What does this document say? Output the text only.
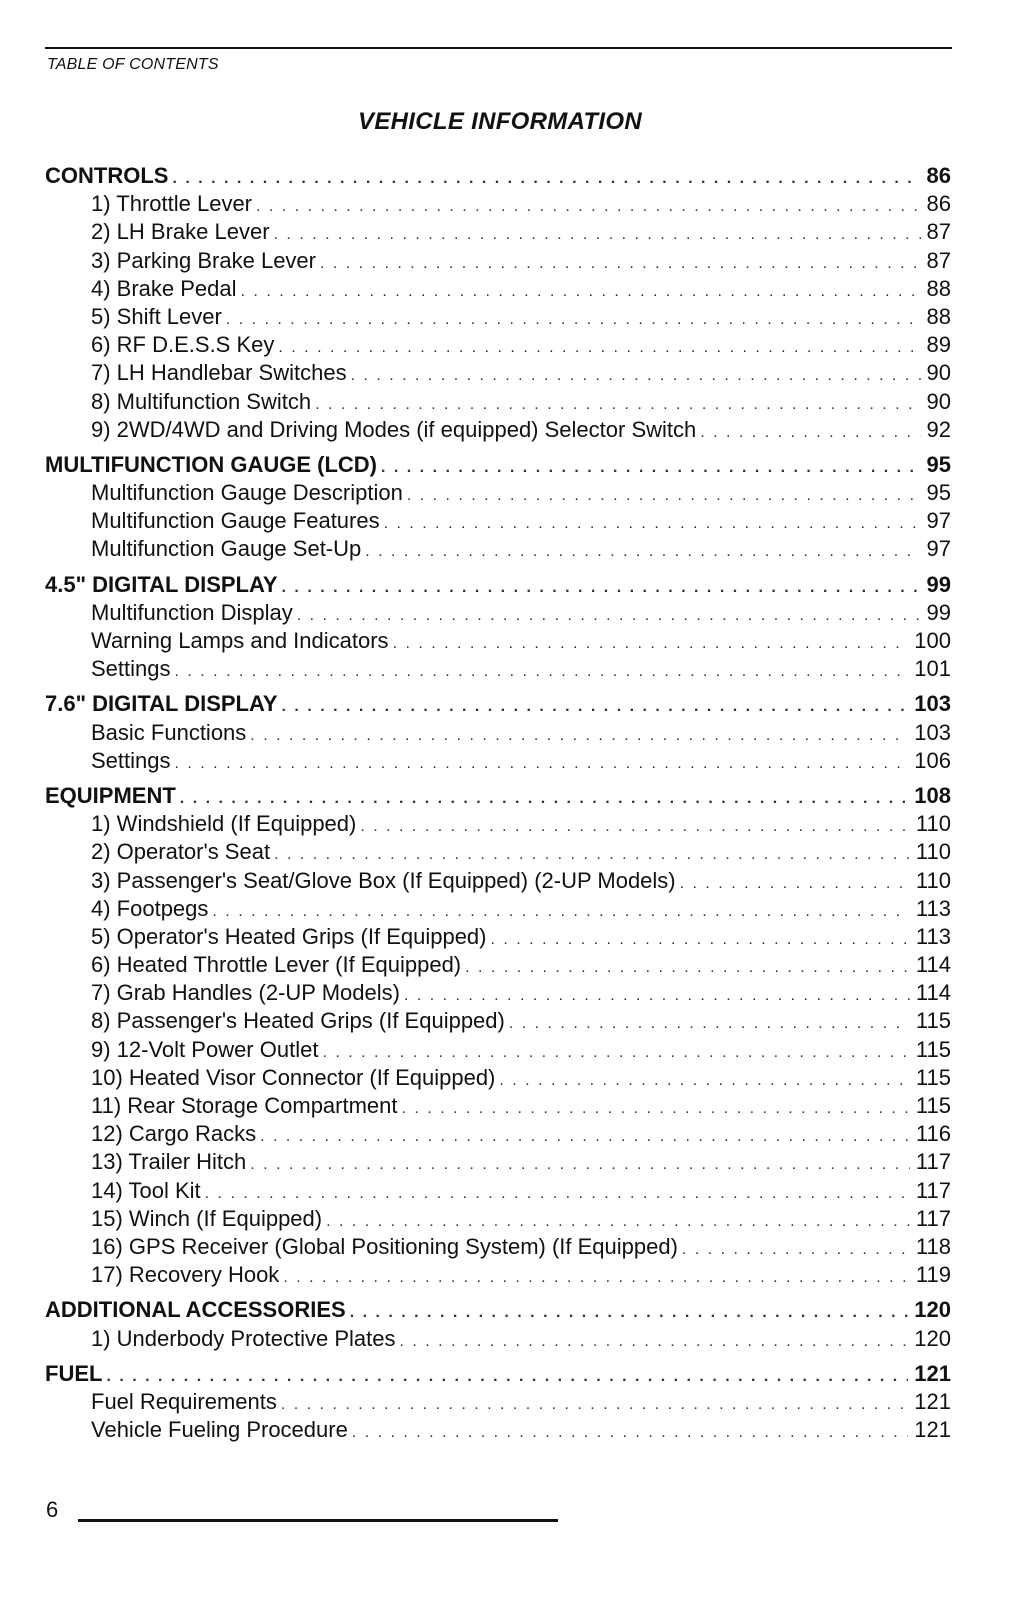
TABLE OF CONTENTS
VEHICLE INFORMATION
CONTROLS . . .	86
1) Throttle Lever . . .	86
2) LH Brake Lever . . .	87
3) Parking Brake Lever . . .	87
4) Brake Pedal . . .	88
5) Shift Lever . . .	88
6) RF D.E.S.S Key . . .	89
7) LH Handlebar Switches . . .	90
8) Multifunction Switch . . .	90
9) 2WD/4WD and Driving Modes (if equipped) Selector Switch . . .	92
MULTIFUNCTION GAUGE (LCD) . . .	95
Multifunction Gauge Description . . .	95
Multifunction Gauge Features . . .	97
Multifunction Gauge Set-Up . . .	97
4.5" DIGITAL DISPLAY . . .	99
Multifunction Display . . .	99
Warning Lamps and Indicators . . .	100
Settings . . .	101
7.6" DIGITAL DISPLAY . . .	103
Basic Functions . . .	103
Settings . . .	106
EQUIPMENT . . .	108
1) Windshield (If Equipped) . . .	110
2) Operator's Seat . . .	110
3) Passenger's Seat/Glove Box (If Equipped) (2-UP Models) . . .	110
4) Footpegs . . .	113
5) Operator's Heated Grips (If Equipped) . . .	113
6) Heated Throttle Lever (If Equipped) . . .	114
7) Grab Handles (2-UP Models) . . .	114
8) Passenger's Heated Grips (If Equipped) . . .	115
9) 12-Volt Power Outlet . . .	115
10) Heated Visor Connector (If Equipped) . . .	115
11) Rear Storage Compartment . . .	115
12) Cargo Racks . . .	116
13) Trailer Hitch . . .	117
14) Tool Kit . . .	117
15) Winch (If Equipped) . . .	117
16) GPS Receiver (Global Positioning System) (If Equipped) . . .	118
17) Recovery Hook . . .	119
ADDITIONAL ACCESSORIES . . .	120
1) Underbody Protective Plates . . .	120
FUEL . . .	121
Fuel Requirements . . .	121
Vehicle Fueling Procedure . . .	121
6
